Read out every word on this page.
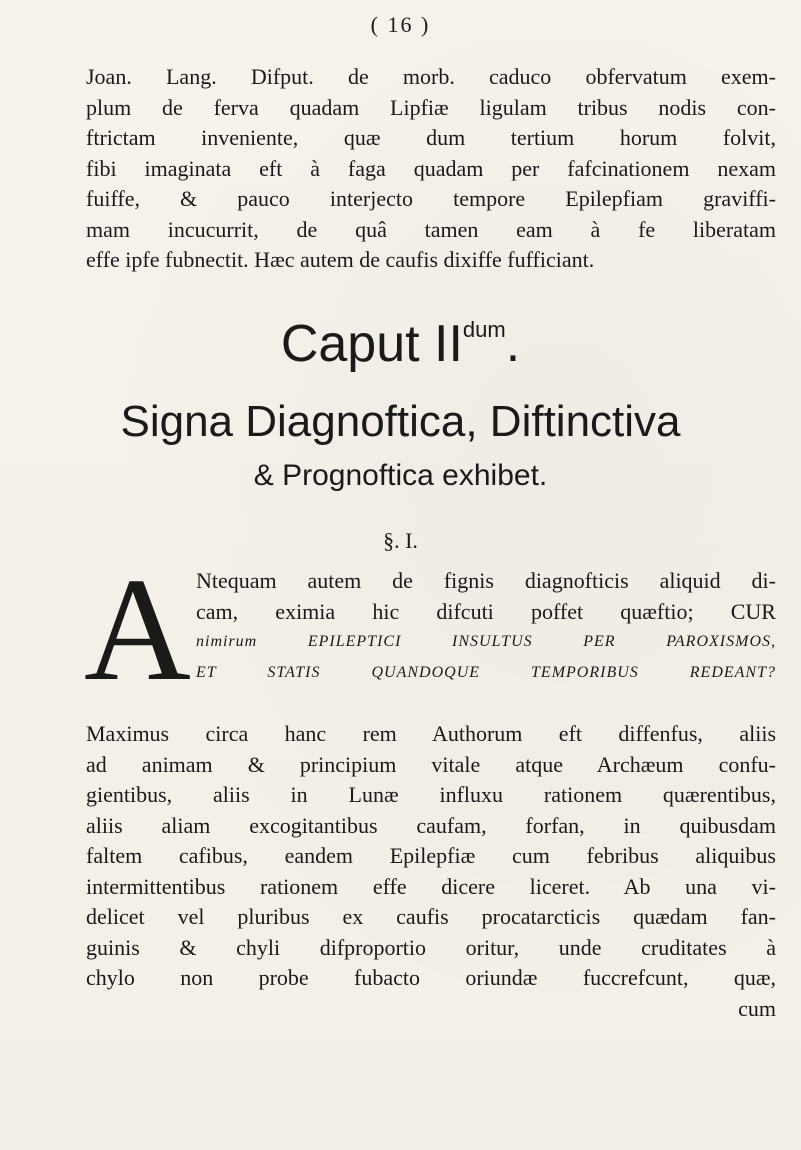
( 16 )
Joan. Lang. Difput. de morb. caduco obfervatum exem-
plum de ferva quadam Lipfiæ ligulam tribus nodis con-
ftrictam inveniente, quæ dum tertium horum folvit,
fibi imaginata eft à faga quadam per fafcinationem nexam
fuiffe, & pauco interjecto tempore Epilepfiam graviffi-
mam incucurrit, de quâ tamen eam à fe liberatam
effe ipfe fubnectit. Hæc autem de caufis dixiffe fufficiant.
Caput $II^{dum}$.
Signa Diagnoftica, Diftinctiva
& Prognoftica exhibet.
§. I.
A Ntequam autem de fignis diagnofticis aliquid di-
cam, eximia hic difcuti poffet quæftio; CUR
nimirum EPILEPTICI INSULTUS PER PAROXISMOS,
ET STATIS QUANDOQUE TEMPORIBUS REDEANT?
Maximus circa hanc rem Authorum eft diffenfus, aliis
ad animam & principium vitale atque Archæum confu-
gientibus, aliis in Lunæ influxu rationem quærentibus,
aliis aliam excogitantibus caufam, forfan, in quibusdam
faltem cafibus, eandem Epilepfiæ cum febribus aliquibus
intermittentibus rationem effe dicere liceret. Ab una vi-
delicet vel pluribus ex caufis procatarcticis quædam fan-
guinis & chyli difproportio oritur, unde cruditates à
chylo non probe fubacto oriundæ fuccrefcunt, quæ,
cum
